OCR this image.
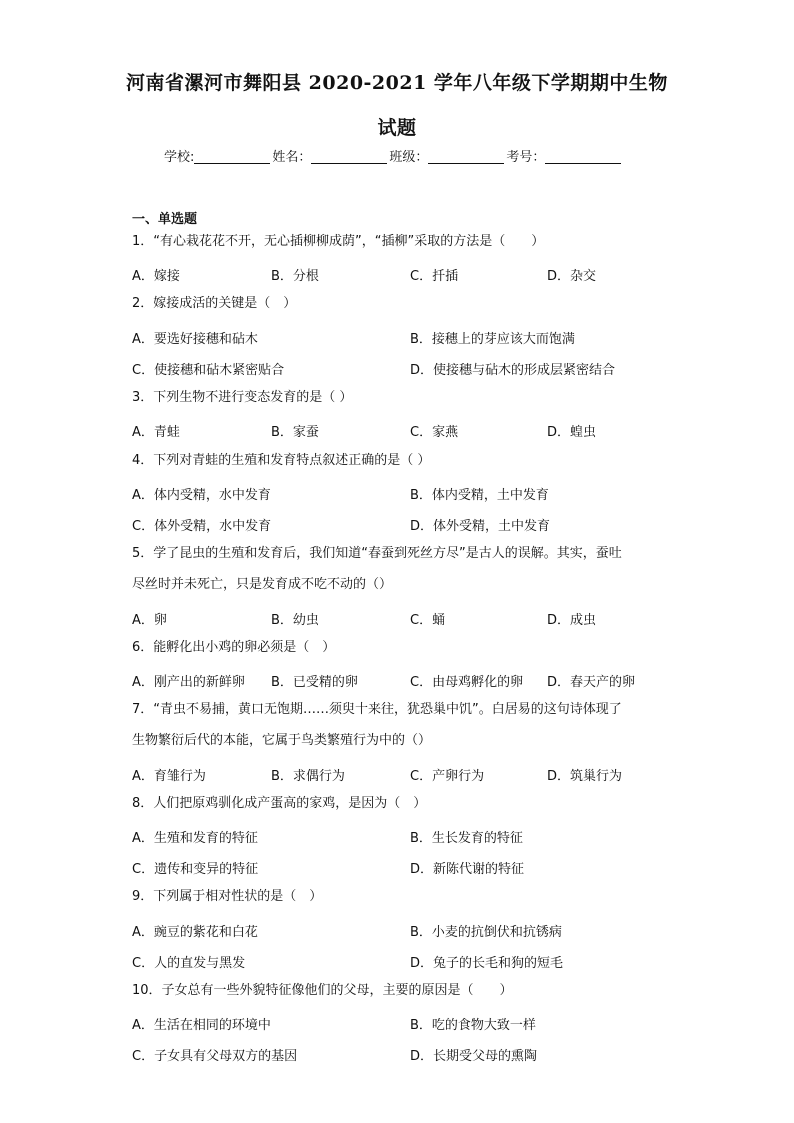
河南省漯河市舞阳县 2020-2021 学年八年级下学期期中生物
试题
学校:	姓名：	班级：	考号：
一、单选题
1．“有心栽花花不开，无心插柳柳成荫”，“插柳”采取的方法是（　　）
A．嫁接	B．分根	C．扦插	D．杂交
2．嫁接成活的关键是（　）
A．要选好接穗和砧木	B．接穗上的芽应该大而饱满
C．使接穗和砧木紧密贴合	D．使接穗与砧木的形成层紧密结合
3．下列生物不进行变态发育的是（ ）
A．青蛙	B．家蚕	C．家燕	D．蝗虫
4．下列对青蛙的生殖和发育特点叙述正确的是（ ）
A．体内受精，水中发育	B．体内受精，土中发育
C．体外受精，水中发育	D．体外受精，土中发育
5．学了昆虫的生殖和发育后，我们知道“春蚕到死丝方尽”是古人的误解。其实，蚕吐
尽丝时并未死亡，只是发育成不吃不动的（）
A．卵	B．幼虫	C．蛹	D．成虫
6．能孵化出小鸡的卵必须是（　）
A．刚产出的新鲜卵 B．已受精的卵	C．由母鸡孵化的卵 D．春天产的卵
7．“青虫不易捕，黄口无饱期……须臾十来往，犹恐巢中饥”。白居易的这句诗体现了
生物繁衍后代的本能，它属于鸟类繁殖行为中的（）
A．育雏行为	B．求偶行为	C．产卵行为	D．筑巢行为
8．人们把原鸡驯化成产蛋高的家鸡，是因为（　）
A．生殖和发育的特征	B．生长发育的特征
C．遗传和变异的特征	D．新陈代谢的特征
9．下列属于相对性状的是（　）
A．豌豆的紫花和白花	B．小麦的抗倒伏和抗锈病
C．人的直发与黑发	D．兔子的长毛和狗的短毛
10．子女总有一些外貌特征像他们的父母，主要的原因是（　　）
A．生活在相同的环境中	B．吃的食物大致一样
C．子女具有父母双方的基因	D．长期受父母的熏陶
